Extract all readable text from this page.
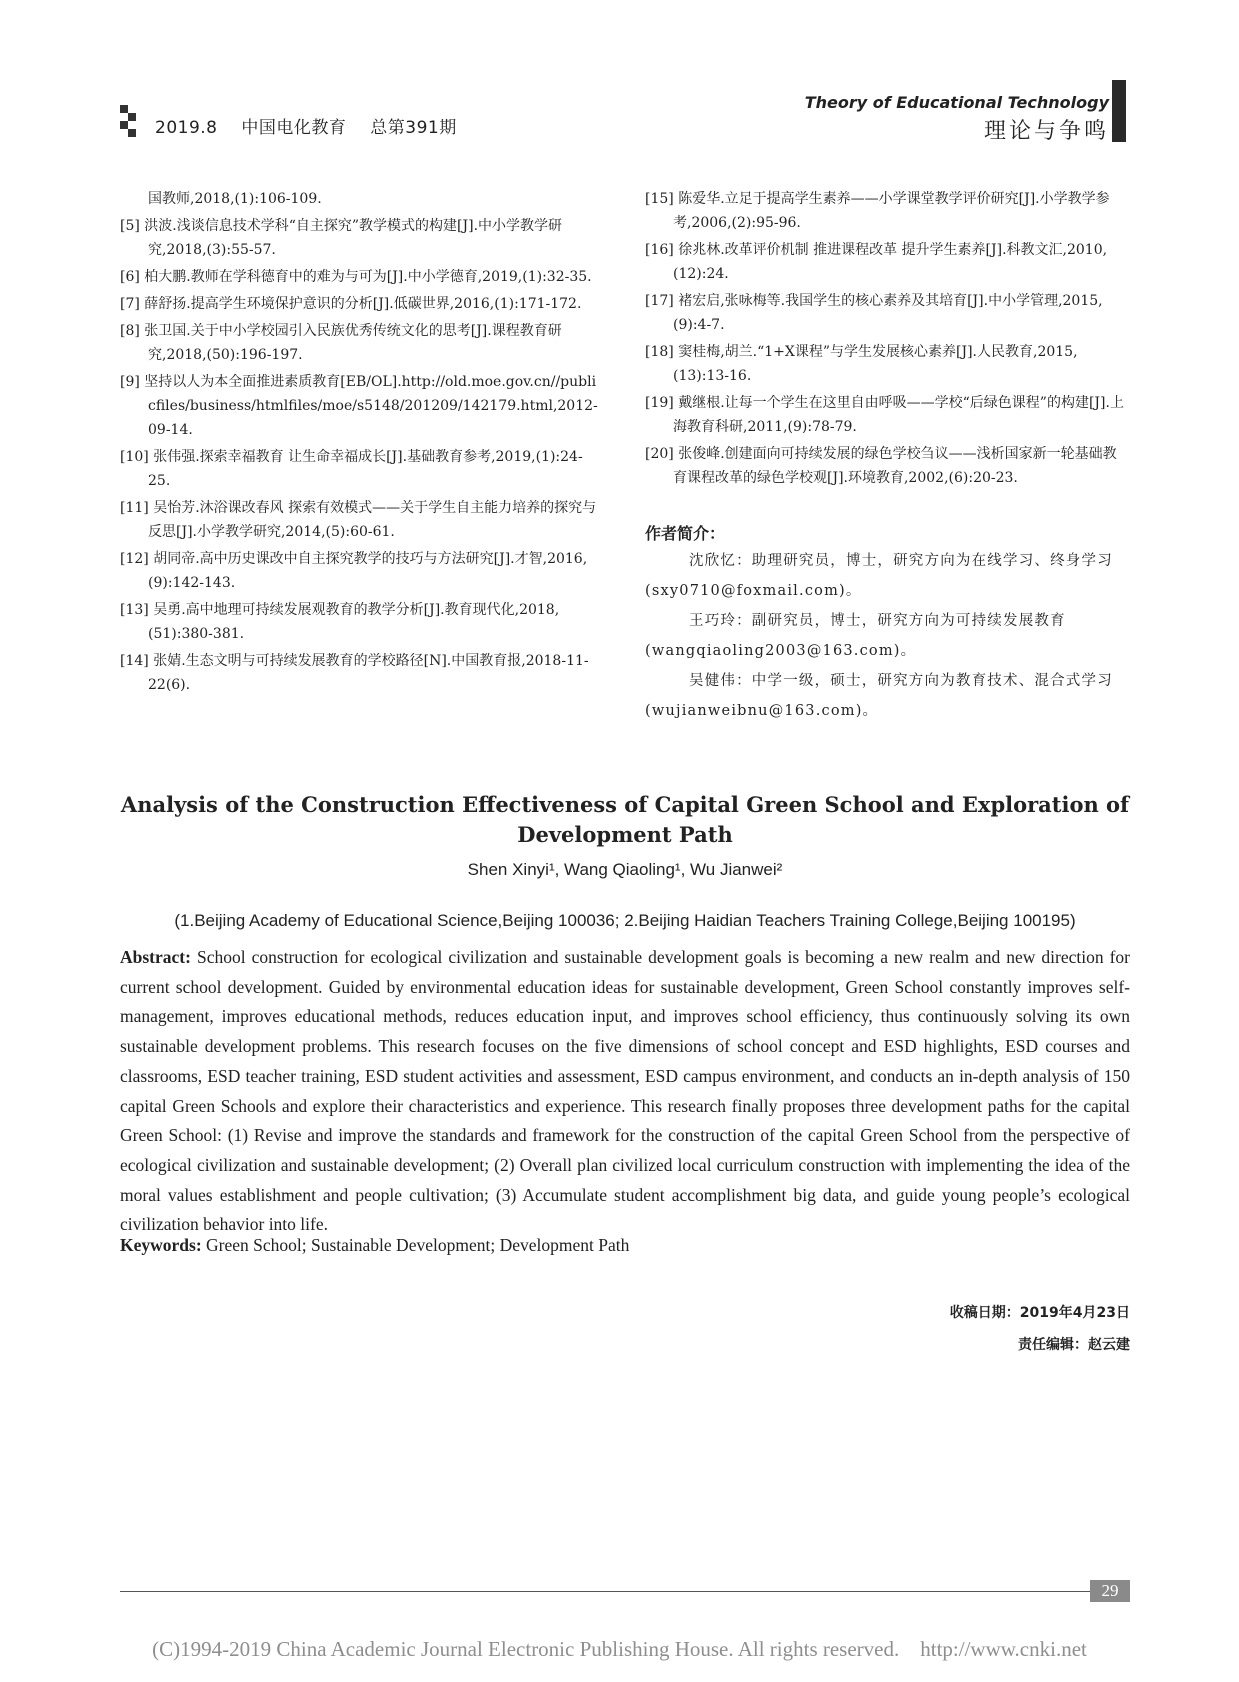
2019.8 中国电化教育 总第391期
Theory of Educational Technology
理论与争鸣

国教师,2018,(1):106-109.

[5] 洪波.浅谈信息技术学科“自主探究”教学模式的构建[J].中小学教学研究,2018,(3):55-57.

[6] 柏大鹏.教师在学科德育中的难为与可为[J].中小学德育,2019,(1):32-35.

[7] 薛舒扬.提高学生环境保护意识的分析[J].低碳世界,2016,(1):171-172.

[8] 张卫国.关于中小学校园引入民族优秀传统文化的思考[J].课程教育研究,2018,(50):196-197.

[9] 坚持以人为本全面推进素质教育[EB/OL].http://old.moe.gov.cn//publicfiles/business/htmlfiles/moe/s5148/201209/142179.html,2012-09-14.

[10] 张伟强.探索幸福教育 让生命幸福成长[J].基础教育参考,2019,(1):24-25.

[11] 吴怡芳.沐浴课改春风 探索有效模式——关于学生自主能力培养的探究与反思[J].小学教学研究,2014,(5):60-61.

[12] 胡同帝.高中历史课改中自主探究教学的技巧与方法研究[J].才智,2016,(9):142-143.

[13] 吴勇.高中地理可持续发展观教育的教学分析[J].教育现代化,2018,(51):380-381.

[14] 张婧.生态文明与可持续发展教育的学校路径[N].中国教育报,2018-11-22(6).

[15] 陈爱华.立足于提高学生素养——小学课堂教学评价研究[J].小学教学参考,2006,(2):95-96.

[16] 徐兆林.改革评价机制 推进课程改革 提升学生素养[J].科教文汇,2010,(12):24.

[17] 褚宏启,张咏梅等.我国学生的核心素养及其培育[J].中小学管理,2015,(9):4-7.

[18] 窦桂梅,胡兰.“1+X课程”与学生发展核心素养[J].人民教育,2015,(13):13-16.

[19] 戴继根.让每一个学生在这里自由呼吸——学校“后绿色课程”的构建[J].上海教育科研,2011,(9):78-79.

[20] 张俊峰.创建面向可持续发展的绿色学校刍议——浅析国家新一轮基础教育课程改革的绿色学校观[J].环境教育,2002,(6):20-23.

作者简介：

沈欣忆：助理研究员，博士，研究方向为在线学习、终身学习(sxy0710@foxmail.com)。

王巧玲：副研究员，博士，研究方向为可持续发展教育(wangqiaoling2003@163.com)。

吴健伟：中学一级，硕士，研究方向为教育技术、混合式学习(wujianweibnu@163.com)。

Analysis of the Construction Effectiveness of Capital Green School and Exploration of Development Path
Shen Xinyi¹, Wang Qiaoling¹, Wu Jianwei²
(1.Beijing Academy of Educational Science,Beijing 100036; 2.Beijing Haidian Teachers Training College,Beijing 100195)
Abstract: School construction for ecological civilization and sustainable development goals is becoming a new realm and new direction for current school development. Guided by environmental education ideas for sustainable development, Green School constantly improves self-management, improves educational methods, reduces education input, and improves school efficiency, thus continuously solving its own sustainable development problems. This research focuses on the five dimensions of school concept and ESD highlights, ESD courses and classrooms, ESD teacher training, ESD student activities and assessment, ESD campus environment, and conducts an in-depth analysis of 150 capital Green Schools and explore their characteristics and experience. This research finally proposes three development paths for the capital Green School: (1) Revise and improve the standards and framework for the construction of the capital Green School from the perspective of ecological civilization and sustainable development; (2) Overall plan civilized local curriculum construction with implementing the idea of the moral values establishment and people cultivation; (3) Accumulate student accomplishment big data, and guide young people’s ecological civilization behavior into life.
Keywords: Green School; Sustainable Development; Development Path
收稿日期：2019年4月23日
责任编辑：赵云建
29
(C)1994-2019 China Academic Journal Electronic Publishing House. All rights reserved.    http://www.cnki.net
